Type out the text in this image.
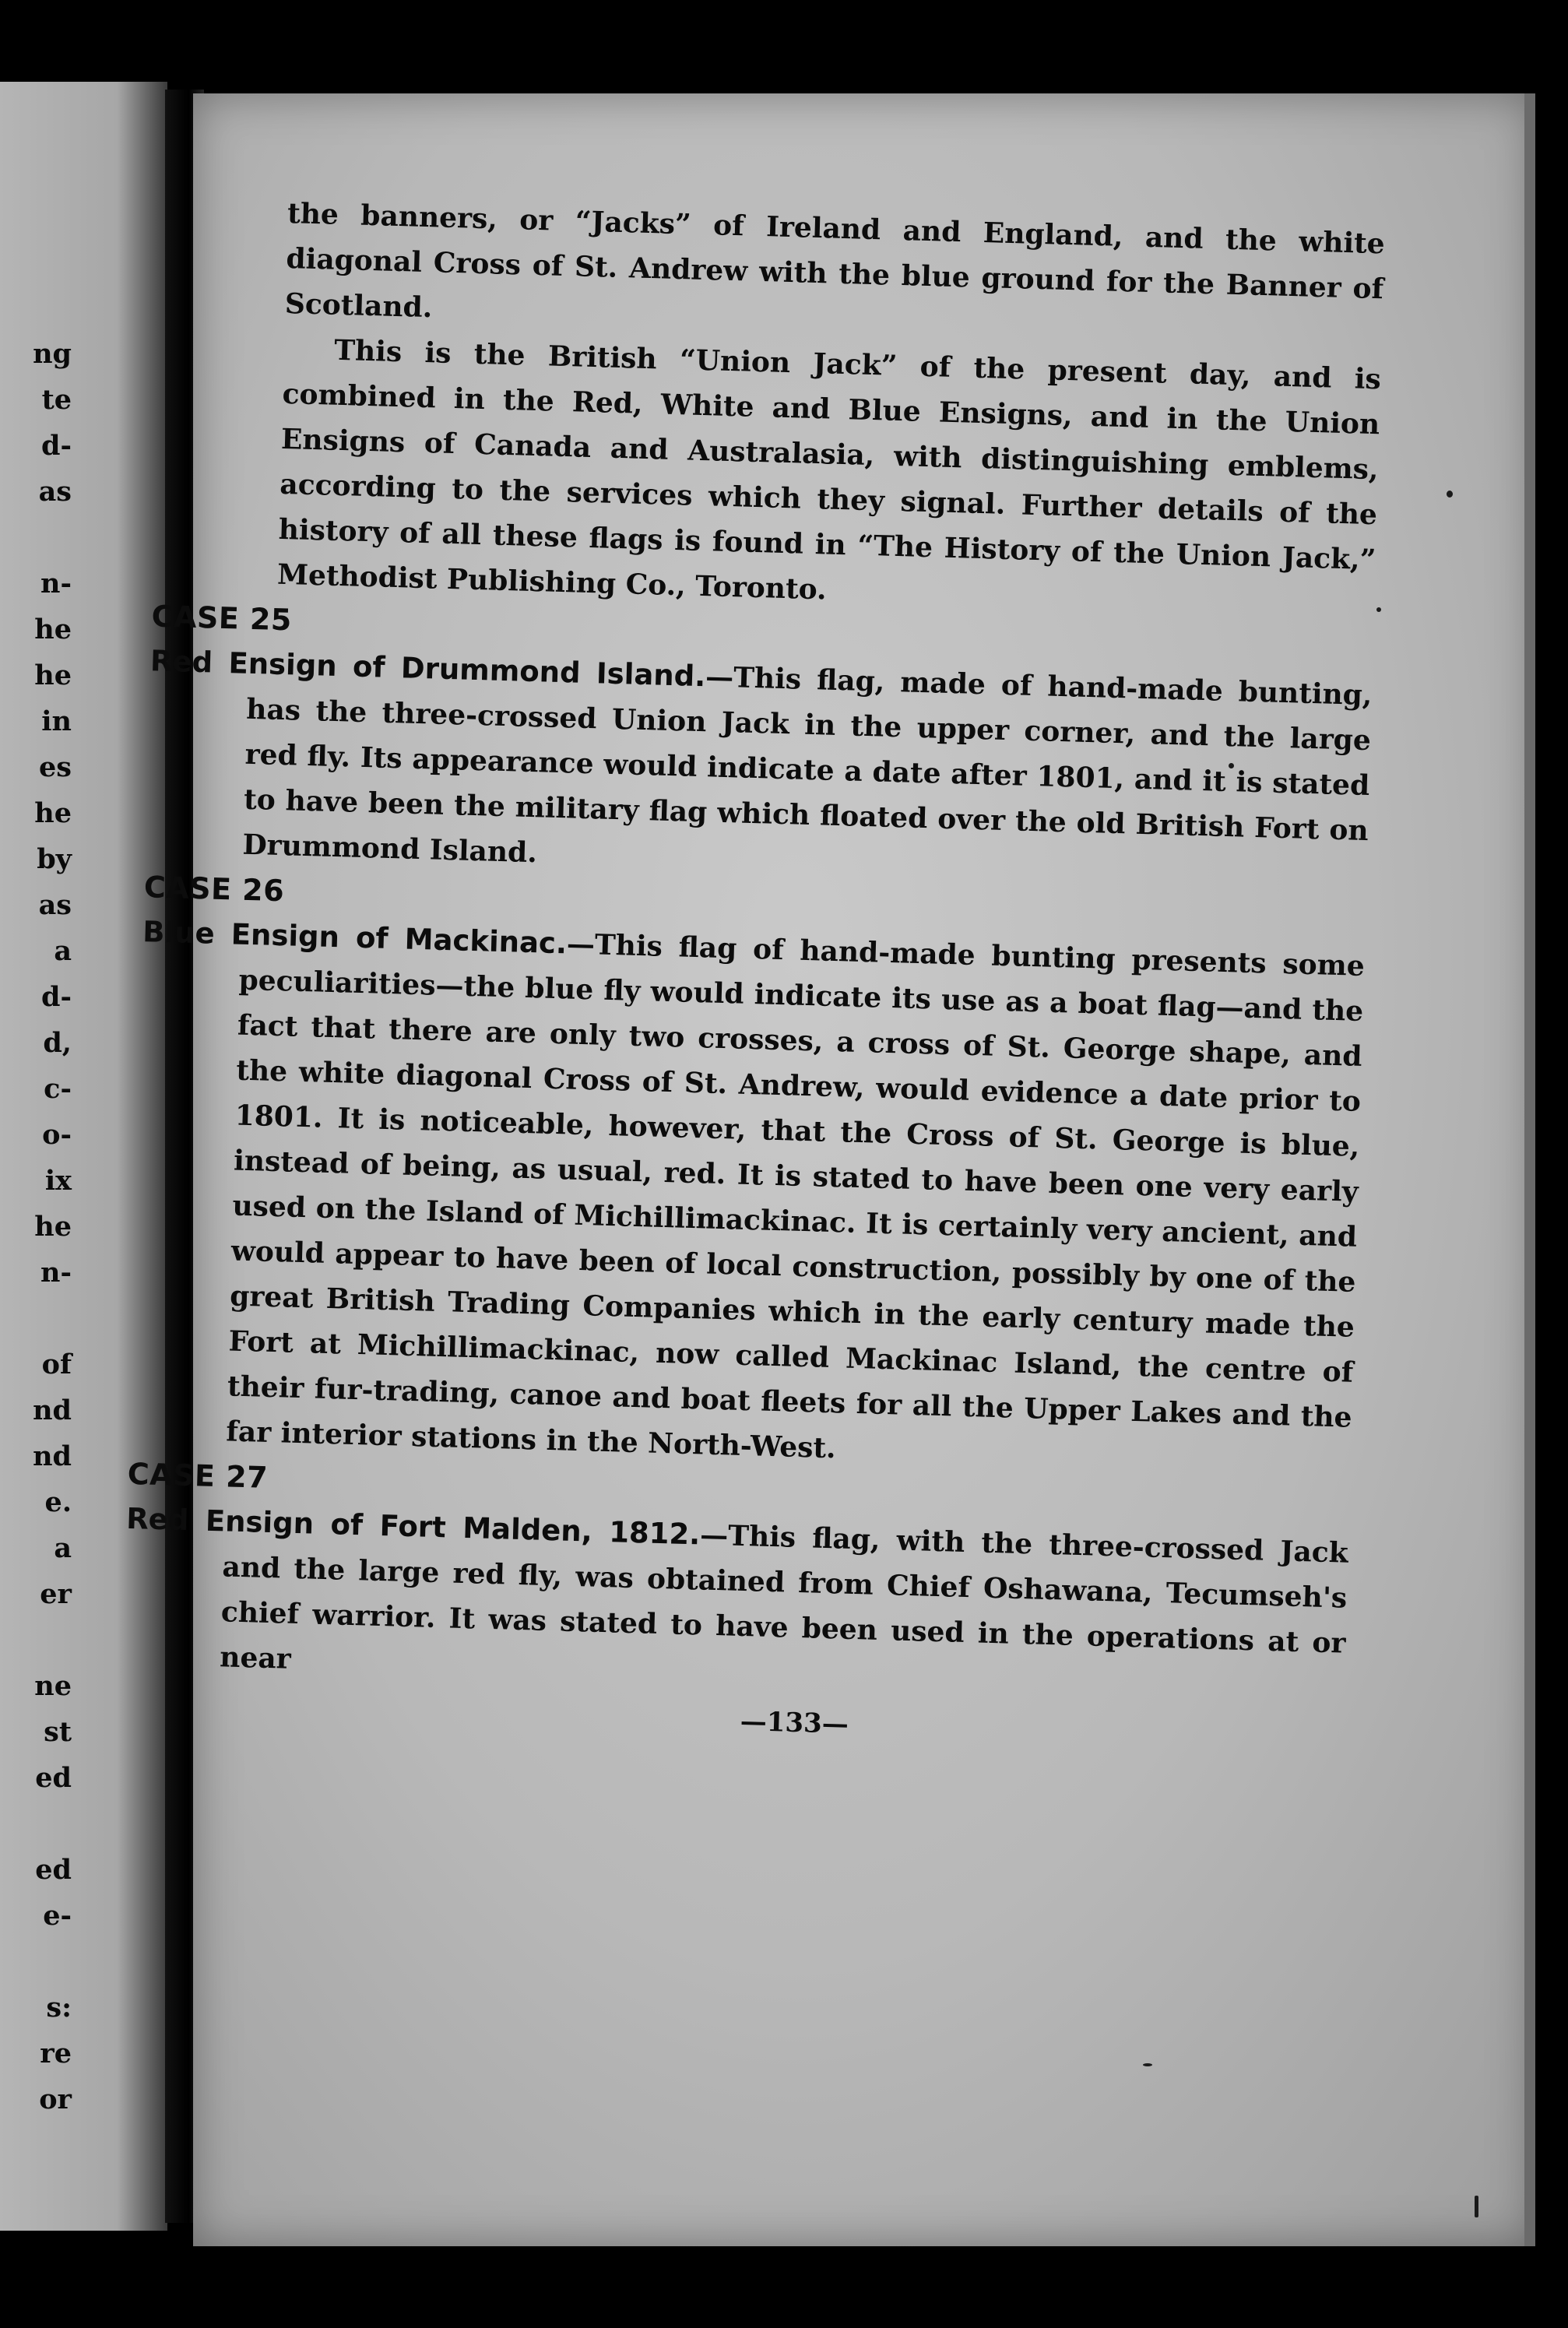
ng
te
d-
as
n-
he
he
in
es
he
by
as
a
d-
d,
c-
o-
ix
he
n-
of
nd
nd
e.
a
er
ne
st
ed
ed
e-
s:
re
or

the banners, or “Jacks” of Ireland and England, and the white diagonal Cross of St. Andrew with the blue ground for the Banner of Scotland.

This is the British “Union Jack” of the present day, and is combined in the Red, White and Blue Ensigns, and in the Union Ensigns of Canada and Australasia, with distinguishing emblems, according to the services which they signal. Further details of the history of all these flags is found in “The History of the Union Jack,” Methodist Publishing Co., Toronto.

CASE 25

Red Ensign of Drummond Island.—This flag, made of hand-made bunting, has the three-crossed Union Jack in the upper corner, and the large red fly. Its appearance would indicate a date after 1801, and it is stated to have been the military flag which floated over the old British Fort on Drummond Island.

CASE 26

Blue Ensign of Mackinac.—This flag of hand-made bunting presents some peculiarities—the blue fly would indicate its use as a boat flag—and the fact that there are only two crosses, a cross of St. George shape, and the white diagonal Cross of St. Andrew, would evidence a date prior to 1801. It is noticeable, however, that the Cross of St. George is blue, instead of being, as usual, red. It is stated to have been one very early used on the Island of Michillimackinac. It is certainly very ancient, and would appear to have been of local construction, possibly by one of the great British Trading Companies which in the early century made the Fort at Michillimackinac, now called Mackinac Island, the centre of their fur-trading, canoe and boat fleets for all the Upper Lakes and the far interior stations in the North-West.

CASE 27

Red Ensign of Fort Malden, 1812.—This flag, with the three-crossed Jack and the large red fly, was obtained from Chief Oshawana, Tecumseh's chief warrior. It was stated to have been used in the operations at or near

—133—
